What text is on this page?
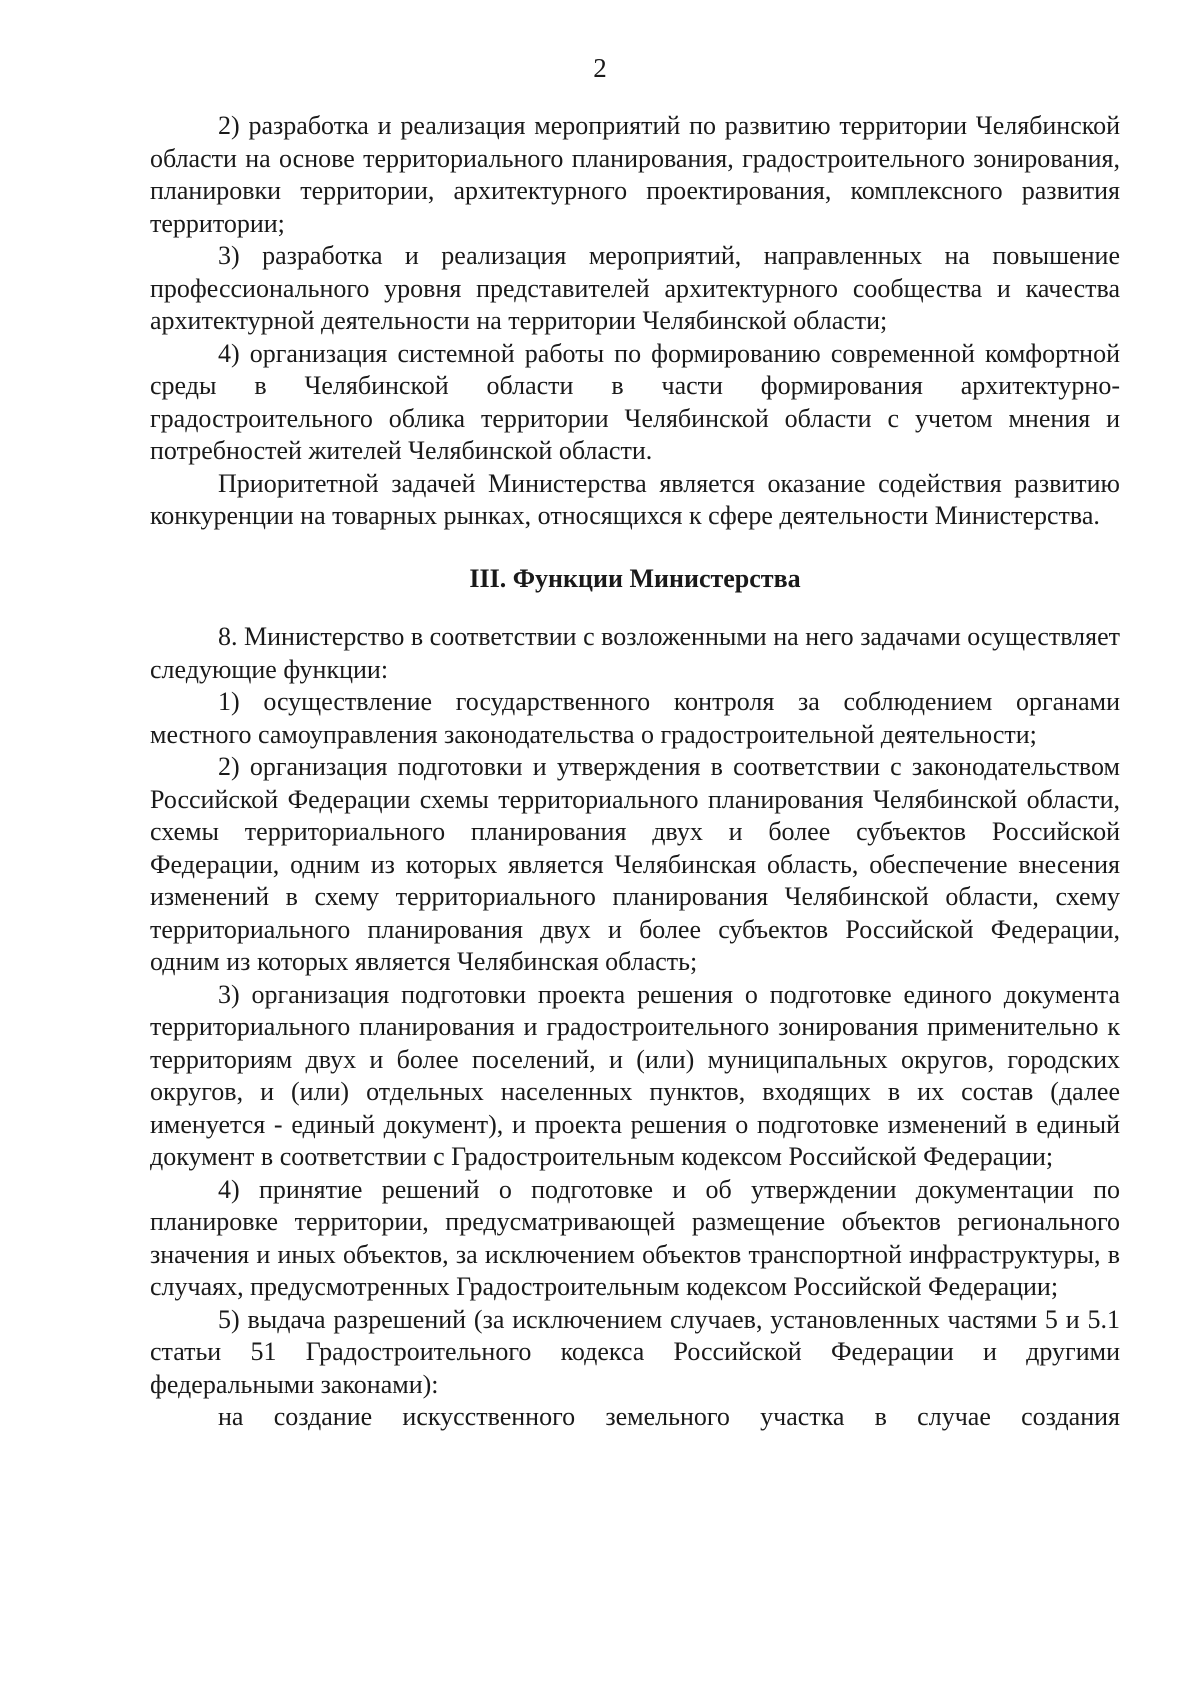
2

2) разработка и реализация мероприятий по развитию территории Челябинской области на основе территориального планирования, градостроительного зонирования, планировки территории, архитектурного проектирования, комплексного развития территории;

3) разработка и реализация мероприятий, направленных на повышение профессионального уровня представителей архитектурного сообщества и качества архитектурной деятельности на территории Челябинской области;

4) организация системной работы по формированию современной комфортной среды в Челябинской области в части формирования архитектурно-градостроительного облика территории Челябинской области с учетом мнения и потребностей жителей Челябинской области.

Приоритетной задачей Министерства является оказание содействия развитию конкуренции на товарных рынках, относящихся к сфере деятельности Министерства.

III. Функции Министерства

8. Министерство в соответствии с возложенными на него задачами осуществляет следующие функции:

1) осуществление государственного контроля за соблюдением органами местного самоуправления законодательства о градостроительной деятельности;

2) организация подготовки и утверждения в соответствии с законодательством Российской Федерации схемы территориального планирования Челябинской области, схемы территориального планирования двух и более субъектов Российской Федерации, одним из которых является Челябинская область, обеспечение внесения изменений в схему территориального планирования Челябинской области, схему территориального планирования двух и более субъектов Российской Федерации, одним из которых является Челябинская область;

3) организация подготовки проекта решения о подготовке единого документа территориального планирования и градостроительного зонирования применительно к территориям двух и более поселений, и (или) муниципальных округов, городских округов, и (или) отдельных населенных пунктов, входящих в их состав (далее именуется - единый документ), и проекта решения о подготовке изменений в единый документ в соответствии с Градостроительным кодексом Российской Федерации;

4) принятие решений о подготовке и об утверждении документации по планировке территории, предусматривающей размещение объектов регионального значения и иных объектов, за исключением объектов транспортной инфраструктуры, в случаях, предусмотренных Градостроительным кодексом Российской Федерации;

5) выдача разрешений (за исключением случаев, установленных частями 5 и 5.1 статьи 51 Градостроительного кодекса Российской Федерации и другими федеральными законами):

на создание искусственного земельного участка в случае создания
